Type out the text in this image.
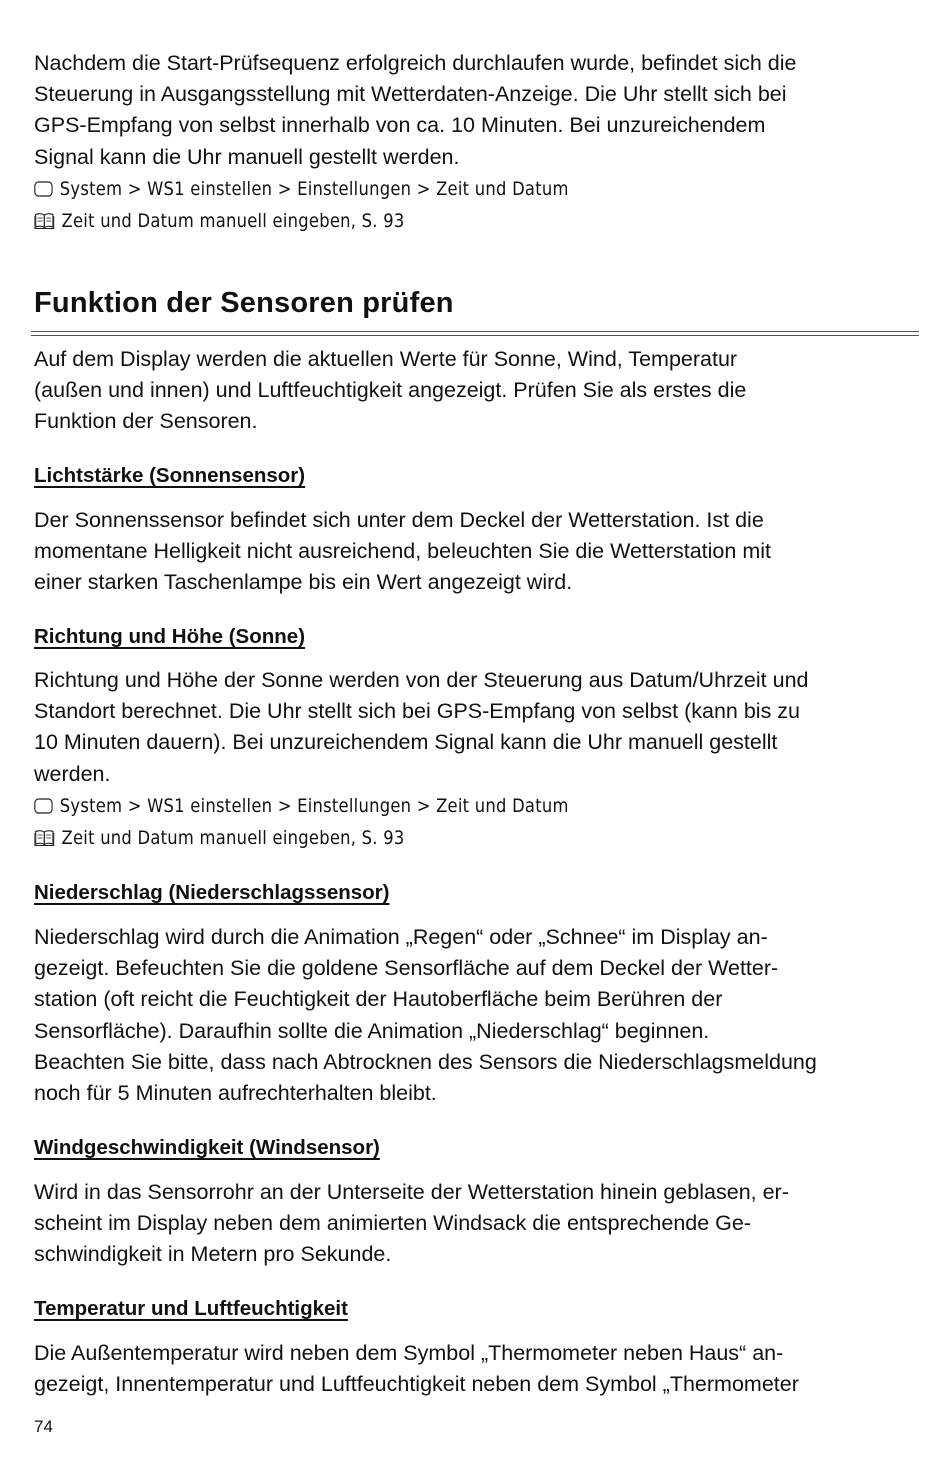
Nachdem die Start-Prüfsequenz erfolgreich durchlaufen wurde, befindet sich die
Steuerung in Ausgangsstellung mit Wetterdaten-Anzeige. Die Uhr stellt sich bei
GPS-Empfang von selbst innerhalb von ca. 10 Minuten. Bei unzureichendem
Signal kann die Uhr manuell gestellt werden.

System > WS1 einstellen > Einstellungen > Zeit und Datum
Zeit und Datum manuell eingeben, S. 93
Funktion der Sensoren prüfen

Auf dem Display werden die aktuellen Werte für Sonne, Wind, Temperatur
(außen und innen) und Luftfeuchtigkeit angezeigt. Prüfen Sie als erstes die
Funktion der Sensoren.

Lichtstärke (Sonnensensor)

Der Sonnenssensor befindet sich unter dem Deckel der Wetterstation. Ist die
momentane Helligkeit nicht ausreichend, beleuchten Sie die Wetterstation mit
einer starken Taschenlampe bis ein Wert angezeigt wird.

Richtung und Höhe (Sonne)

Richtung und Höhe der Sonne werden von der Steuerung aus Datum/Uhrzeit und
Standort berechnet. Die Uhr stellt sich bei GPS-Empfang von selbst (kann bis zu
10 Minuten dauern). Bei unzureichendem Signal kann die Uhr manuell gestellt
werden.

System > WS1 einstellen > Einstellungen > Zeit und Datum
Zeit und Datum manuell eingeben, S. 93
Niederschlag (Niederschlagssensor)

Niederschlag wird durch die Animation „Regen“ oder „Schnee“ im Display an-
gezeigt. Befeuchten Sie die goldene Sensorfläche auf dem Deckel der Wetter-
station (oft reicht die Feuchtigkeit der Hautoberfläche beim Berühren der
Sensorfläche). Daraufhin sollte die Animation „Niederschlag“ beginnen.
Beachten Sie bitte, dass nach Abtrocknen des Sensors die Niederschlagsmeldung
noch für 5 Minuten aufrechterhalten bleibt.

Windgeschwindigkeit (Windsensor)

Wird in das Sensorrohr an der Unterseite der Wetterstation hinein geblasen, er-
scheint im Display neben dem animierten Windsack die entsprechende Ge-
schwindigkeit in Metern pro Sekunde.

Temperatur und Luftfeuchtigkeit

Die Außentemperatur wird neben dem Symbol „Thermometer neben Haus“ an-
gezeigt, Innentemperatur und Luftfeuchtigkeit neben dem Symbol „Thermometer

74
